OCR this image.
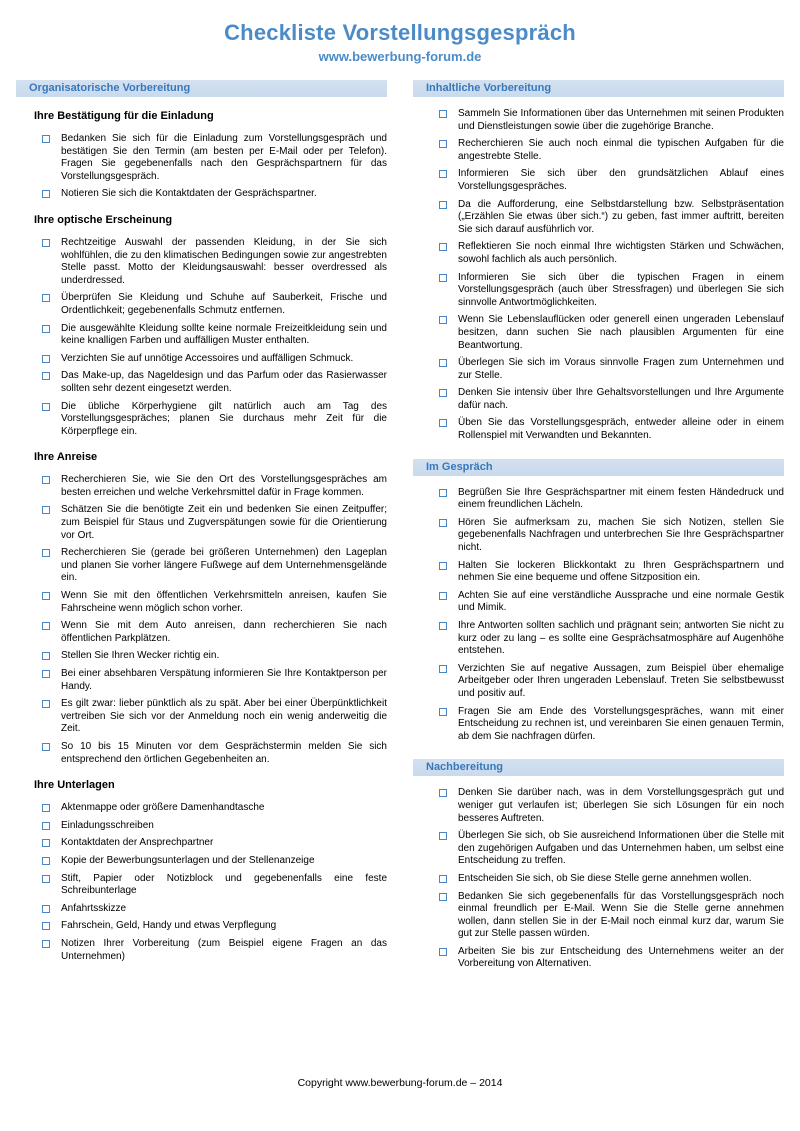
Checkliste Vorstellungsgespräch
www.bewerbung-forum.de
Organisatorische Vorbereitung
Ihre Bestätigung für die Einladung
Bedanken Sie sich für die Einladung zum Vorstellungsgespräch und bestätigen Sie den Termin (am besten per E-Mail oder per Telefon). Fragen Sie gegebenenfalls nach den Gesprächspartnern für das Vorstellungsgespräch.
Notieren Sie sich die Kontaktdaten der Gesprächspartner.
Ihre optische Erscheinung
Rechtzeitige Auswahl der passenden Kleidung, in der Sie sich wohlfühlen, die zu den klimatischen Bedingungen sowie zur angestrebten Stelle passt. Motto der Kleidungsauswahl: besser overdressed als underdressed.
Überprüfen Sie Kleidung und Schuhe auf Sauberkeit, Frische und Ordentlichkeit; gegebenenfalls Schmutz entfernen.
Die ausgewählte Kleidung sollte keine normale Freizeitkleidung sein und keine knalligen Farben und auffälligen Muster enthalten.
Verzichten Sie auf unnötige Accessoires und auffälligen Schmuck.
Das Make-up, das Nageldesign und das Parfum oder das Rasierwasser sollten sehr dezent eingesetzt werden.
Die übliche Körperhygiene gilt natürlich auch am Tag des Vorstellungsgespräches; planen Sie durchaus mehr Zeit für die Körperpflege ein.
Ihre Anreise
Recherchieren Sie, wie Sie den Ort des Vorstellungsgespräches am besten erreichen und welche Verkehrsmittel dafür in Frage kommen.
Schätzen Sie die benötigte Zeit ein und bedenken Sie einen Zeitpuffer; zum Beispiel für Staus und Zugverspätungen sowie für die Orientierung vor Ort.
Recherchieren Sie (gerade bei größeren Unternehmen) den Lageplan und planen Sie vorher längere Fußwege auf dem Unternehmensgelände ein.
Wenn Sie mit den öffentlichen Verkehrsmitteln anreisen, kaufen Sie Fahrscheine wenn möglich schon vorher.
Wenn Sie mit dem Auto anreisen, dann recherchieren Sie nach öffentlichen Parkplätzen.
Stellen Sie Ihren Wecker richtig ein.
Bei einer absehbaren Verspätung informieren Sie Ihre Kontaktperson per Handy.
Es gilt zwar: lieber pünktlich als zu spät. Aber bei einer Überpünktlichkeit vertreiben Sie sich vor der Anmeldung noch ein wenig anderweitig die Zeit.
So 10 bis 15 Minuten vor dem Gesprächstermin melden Sie sich entsprechend den örtlichen Gegebenheiten an.
Ihre Unterlagen
Aktenmappe oder größere Damenhandtasche
Einladungsschreiben
Kontaktdaten der Ansprechpartner
Kopie der Bewerbungsunterlagen und der Stellenanzeige
Stift, Papier oder Notizblock und gegebenenfalls eine feste Schreibunterlage
Anfahrtsskizze
Fahrschein, Geld, Handy und etwas Verpflegung
Notizen Ihrer Vorbereitung (zum Beispiel eigene Fragen an das Unternehmen)
Inhaltliche Vorbereitung
Sammeln Sie Informationen über das Unternehmen mit seinen Produkten und Dienstleistungen sowie über die zugehörige Branche.
Recherchieren Sie auch noch einmal die typischen Aufgaben für die angestrebte Stelle.
Informieren Sie sich über den grundsätzlichen Ablauf eines Vorstellungsgespräches.
Da die Aufforderung, eine Selbstdarstellung bzw. Selbstpräsentation („Erzählen Sie etwas über sich.“) zu geben, fast immer auftritt, bereiten Sie sich darauf ausführlich vor.
Reflektieren Sie noch einmal Ihre wichtigsten Stärken und Schwächen, sowohl fachlich als auch persönlich.
Informieren Sie sich über die typischen Fragen in einem Vorstellungsgespräch (auch über Stressfragen) und überlegen Sie sich sinnvolle Antwortmöglichkeiten.
Wenn Sie Lebenslauflücken oder generell einen ungeraden Lebenslauf besitzen, dann suchen Sie nach plausiblen Argumenten für eine Beantwortung.
Überlegen Sie sich im Voraus sinnvolle Fragen zum Unternehmen und zur Stelle.
Denken Sie intensiv über Ihre Gehaltsvorstellungen und Ihre Argumente dafür nach.
Üben Sie das Vorstellungsgespräch, entweder alleine oder in einem Rollenspiel mit Verwandten und Bekannten.
Im Gespräch
Begrüßen Sie Ihre Gesprächspartner mit einem festen Händedruck und einem freundlichen Lächeln.
Hören Sie aufmerksam zu, machen Sie sich Notizen, stellen Sie gegebenenfalls Nachfragen und unterbrechen Sie Ihre Gesprächspartner nicht.
Halten Sie lockeren Blickkontakt zu Ihren Gesprächspartnern und nehmen Sie eine bequeme und offene Sitzposition ein.
Achten Sie auf eine verständliche Aussprache und eine normale Gestik und Mimik.
Ihre Antworten sollten sachlich und prägnant sein; antworten Sie nicht zu kurz oder zu lang – es sollte eine Gesprächsatmosphäre auf Augenhöhe entstehen.
Verzichten Sie auf negative Aussagen, zum Beispiel über ehemalige Arbeitgeber oder Ihren ungeraden Lebenslauf. Treten Sie selbstbewusst und positiv auf.
Fragen Sie am Ende des Vorstellungsgespräches, wann mit einer Entscheidung zu rechnen ist, und vereinbaren Sie einen genauen Termin, ab dem Sie nachfragen dürfen.
Nachbereitung
Denken Sie darüber nach, was in dem Vorstellungsgespräch gut und weniger gut verlaufen ist; überlegen Sie sich Lösungen für ein noch besseres Auftreten.
Überlegen Sie sich, ob Sie ausreichend Informationen über die Stelle mit den zugehörigen Aufgaben und das Unternehmen haben, um selbst eine Entscheidung zu treffen.
Entscheiden Sie sich, ob Sie diese Stelle gerne annehmen wollen.
Bedanken Sie sich gegebenenfalls für das Vorstellungsgespräch noch einmal freundlich per E-Mail. Wenn Sie die Stelle gerne annehmen wollen, dann stellen Sie in der E-Mail noch einmal kurz dar, warum Sie gut zur Stelle passen würden.
Arbeiten Sie bis zur Entscheidung des Unternehmens weiter an der Vorbereitung von Alternativen.
Copyright www.bewerbung-forum.de – 2014
